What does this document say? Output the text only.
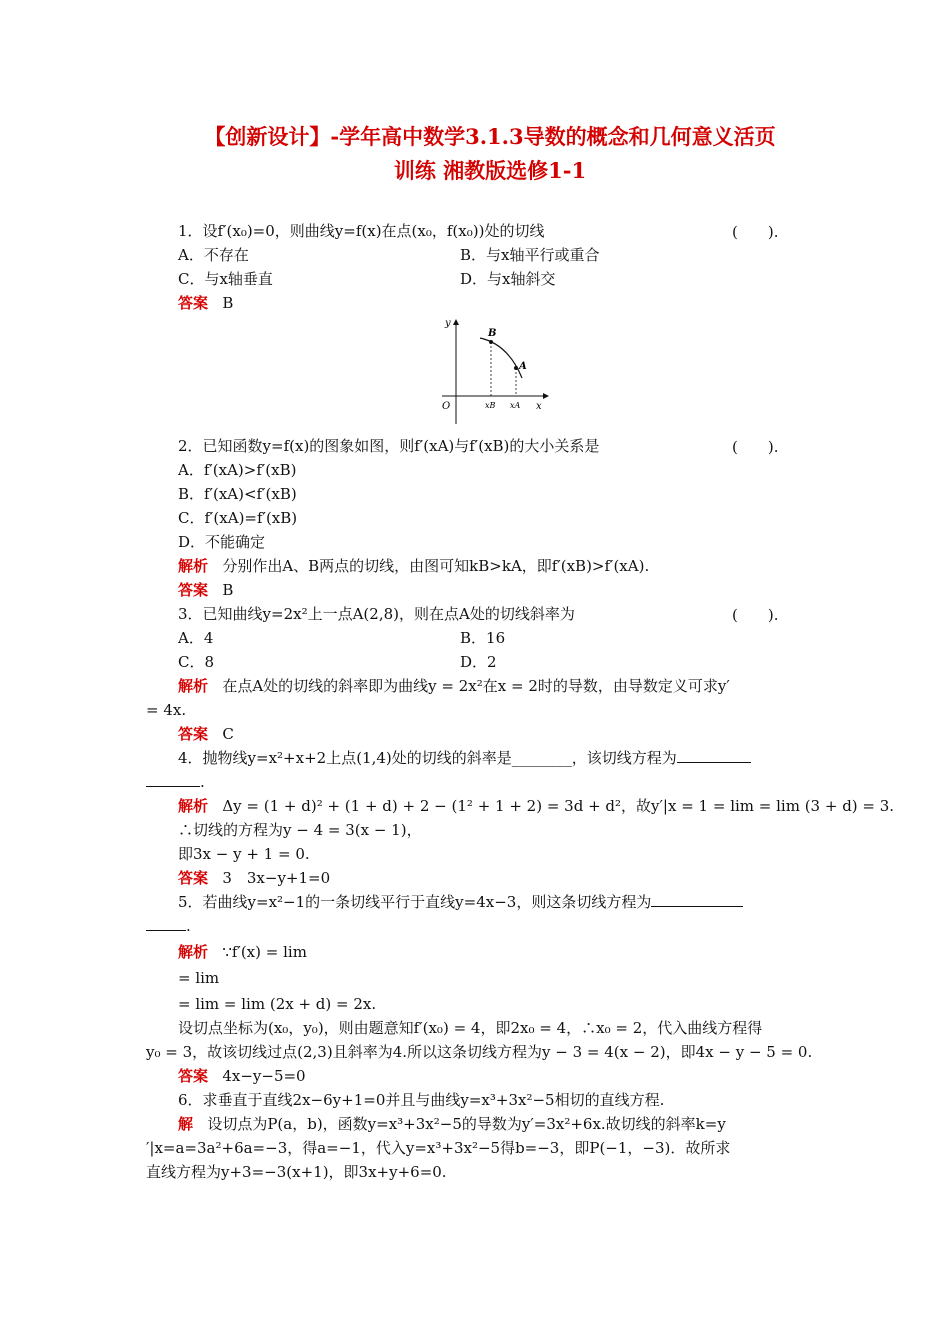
【创新设计】-学年高中数学3.1.3导数的概念和几何意义活页
训练 湘教版选修1-1
1．设f′(x₀)=0，则曲线y=f(x)在点(x₀，f(x₀))处的切线	(　　).
A．不存在	B．与x轴平行或重合
C．与x轴垂直	D．与x轴斜交
答案 B
y
x
O
B
A
xB xA
2．已知函数y=f(x)的图象如图，则f′(xA)与f′(xB)的大小关系是	(　　).
A．f′(xA)>f′(xB)
B．f′(xA)<f′(xB)
C．f′(xA)=f′(xB)
D．不能确定
解析 分别作出A、B两点的切线，由图可知kB>kA，即f′(xB)>f′(xA).
答案 B
3．已知曲线y=2x²上一点A(2,8)，则在点A处的切线斜率为	(　　).
A．4	B．16
C．8	D．2
解析 在点A处的切线的斜率即为曲线y = 2x²在x = 2时的导数，由导数定义可求y′
= 4x.
答案 C
4．抛物线y=x²+x+2上点(1,4)处的切线的斜率是________，该切线方程为
.
解析 Δy = (1 + d)² + (1 + d) + 2 − (1² + 1 + 2) = 3d + d²，故y′|x = 1 = lim = lim (3 + d) = 3.
∴切线的方程为y − 4 = 3(x − 1)，
即3x − y + 1 = 0.
答案 3　3x−y+1=0
5．若曲线y=x²−1的一条切线平行于直线y=4x−3，则这条切线方程为
.
解析 ∵f′(x) = lim
= lim
= lim = lim (2x + d) = 2x.
设切点坐标为(x₀，y₀)，则由题意知f′(x₀) = 4，即2x₀ = 4，∴x₀ = 2，代入曲线方程得
y₀ = 3，故该切线过点(2,3)且斜率为4.所以这条切线方程为y − 3 = 4(x − 2)，即4x − y − 5 = 0.
答案 4x−y−5=0
6．求垂直于直线2x−6y+1=0并且与曲线y=x³+3x²−5相切的直线方程.
解 设切点为P(a，b)，函数y=x³+3x²−5的导数为y′=3x²+6x.故切线的斜率k=y
′|x=a=3a²+6a=−3，得a=−1，代入y=x³+3x²−5得b=−3，即P(−1，−3)．故所求
直线方程为y+3=−3(x+1)，即3x+y+6=0.
